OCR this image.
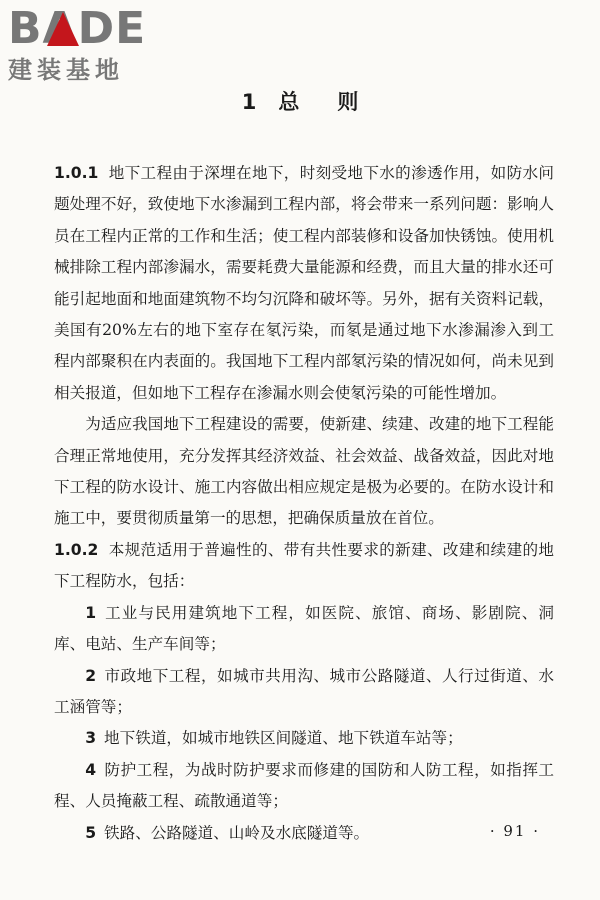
BADE
建装基地
1 总 则

1.0.1 地下工程由于深埋在地下，时刻受地下水的渗透作用，如防水问题处理不好，致使地下水渗漏到工程内部，将会带来一系列问题：影响人员在工程内正常的工作和生活；使工程内部装修和设备加快锈蚀。使用机械排除工程内部渗漏水，需要耗费大量能源和经费，而且大量的排水还可能引起地面和地面建筑物不均匀沉降和破坏等。另外，据有关资料记载，美国有20%左右的地下室存在氡污染，而氡是通过地下水渗漏渗入到工程内部聚积在内表面的。我国地下工程内部氡污染的情况如何，尚未见到相关报道，但如地下工程存在渗漏水则会使氡污染的可能性增加。

为适应我国地下工程建设的需要，使新建、续建、改建的地下工程能合理正常地使用，充分发挥其经济效益、社会效益、战备效益，因此对地下工程的防水设计、施工内容做出相应规定是极为必要的。在防水设计和施工中，要贯彻质量第一的思想，把确保质量放在首位。

1.0.2 本规范适用于普遍性的、带有共性要求的新建、改建和续建的地下工程防水，包括：

1 工业与民用建筑地下工程，如医院、旅馆、商场、影剧院、洞库、电站、生产车间等；

2 市政地下工程，如城市共用沟、城市公路隧道、人行过街道、水工涵管等；

3 地下铁道，如城市地铁区间隧道、地下铁道车站等；

4 防护工程，为战时防护要求而修建的国防和人防工程，如指挥工程、人员掩蔽工程、疏散通道等；

5 铁路、公路隧道、山岭及水底隧道等。	· 91 ·
